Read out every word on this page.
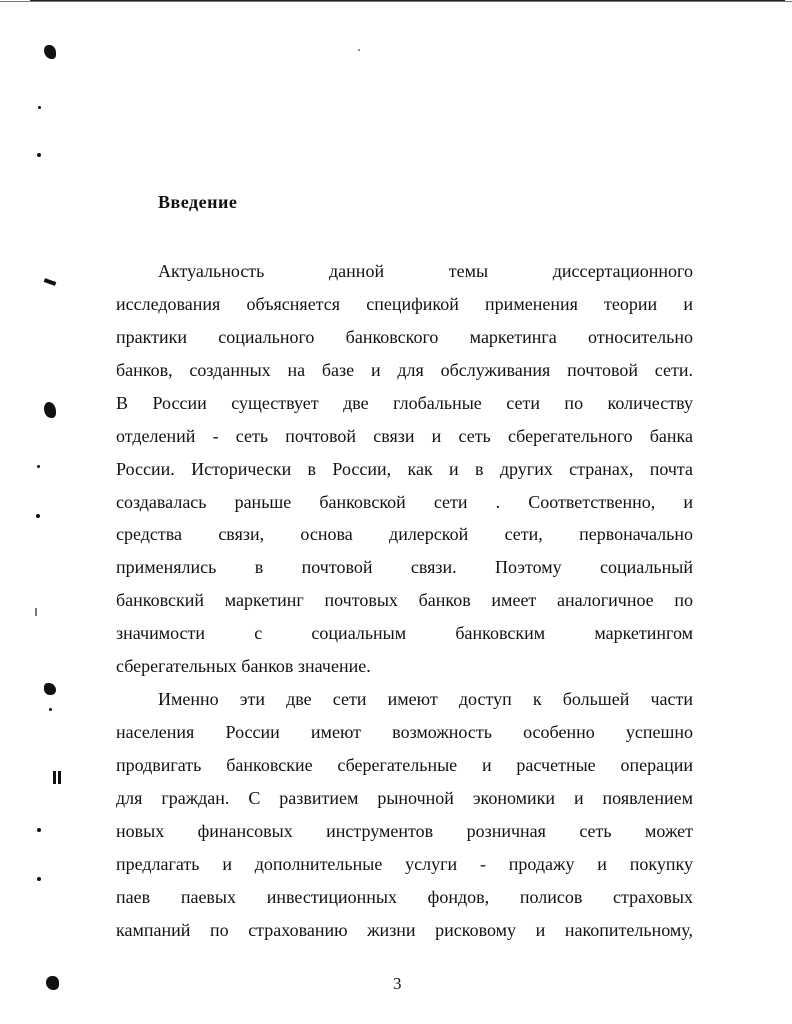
Введение
Актуальность данной темы диссертационного
исследования объясняется спецификой применения теории и
практики социального банковского маркетинга относительно
банков, созданных на базе и для обслуживания почтовой сети.
В России существует две глобальные сети по количеству
отделений - сеть почтовой связи и сеть сберегательного банка
России. Исторически в России, как и в других странах, почта
создавалась раньше банковской сети . Соответственно, и
средства связи, основа дилерской сети, первоначально
применялись в почтовой связи. Поэтому социальный
банковский маркетинг почтовых банков имеет аналогичное по
значимости с социальным банковским маркетингом
сберегательных банков значение.
Именно эти две сети имеют доступ к большей части
населения России имеют возможность особенно успешно
продвигать банковские сберегательные и расчетные операции
для граждан. С развитием рыночной экономики и появлением
новых финансовых инструментов розничная сеть может
предлагать и дополнительные услуги - продажу и покупку
паев паевых инвестиционных фондов, полисов страховых
кампаний по страхованию жизни рисковому и накопительному,
3
